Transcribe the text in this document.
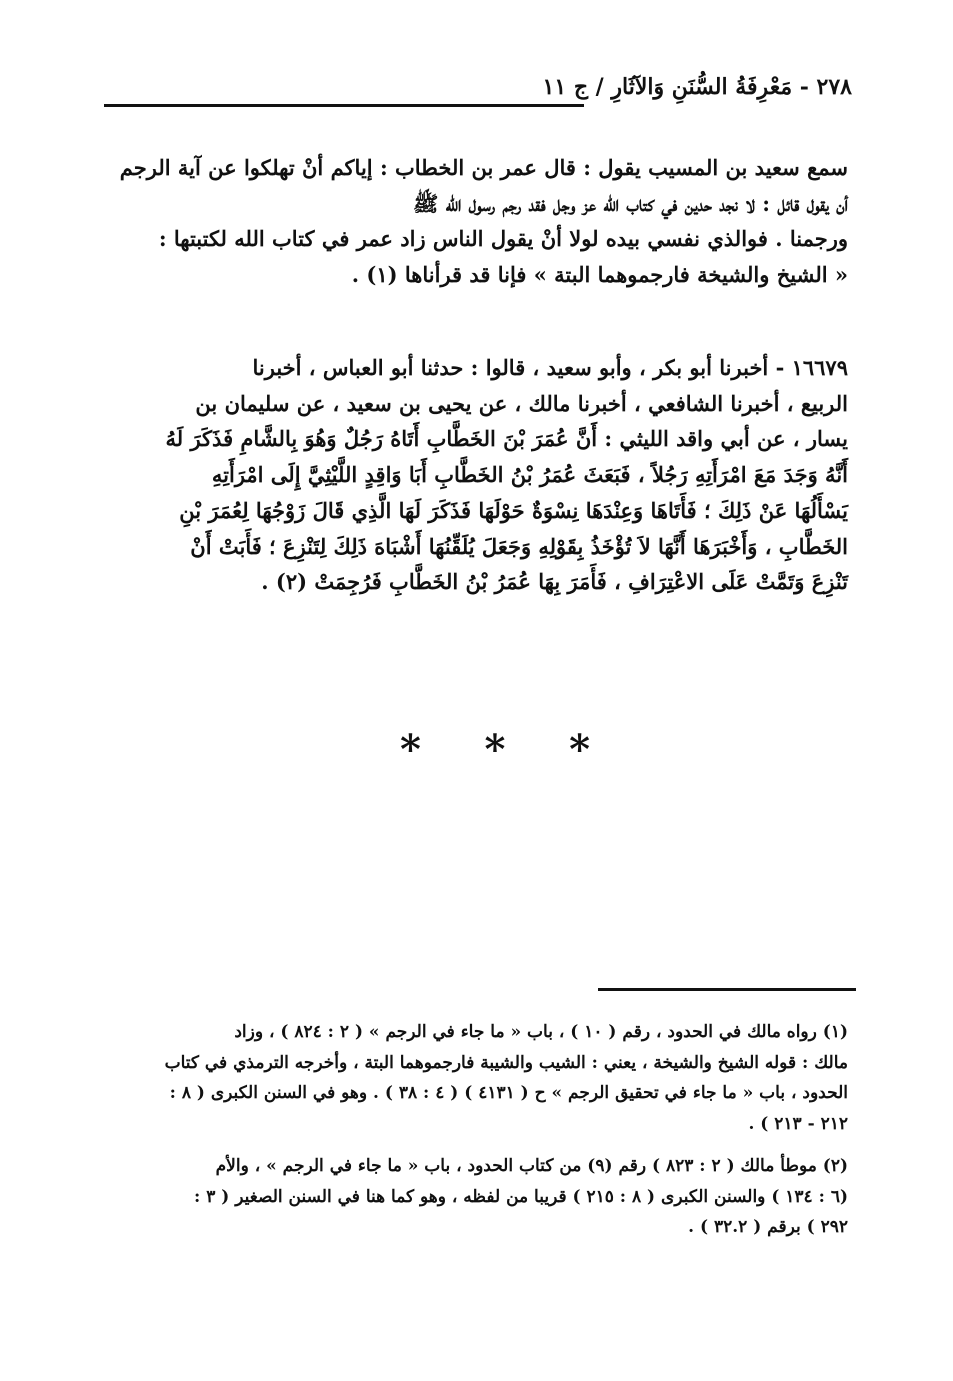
٢٧٨ - مَعْرِفَةُ السُّنَنِ وَالآثَارِ / ج ١١

سمع سعيد بن المسيب يقول : قال عمر بن الخطاب : إياكم أنْ تهلكوا عن آية الرجم

أن يقول قائل : لا نجد حدين في كتاب الله عز وجل فقد رجم رسول الله ﷺ

ورجمنا . فوالذي نفسي بيده لولا أنْ يقول الناس زاد عمر في كتاب الله لكتبتها :

« الشيخ والشيخة فارجموهما البتة » فإنا قد قرأناها (١) .

١٦٦٧٩ - أخبرنا أبو بكر ، وأبو سعيد ، قالوا : حدثنا أبو العباس ، أخبرنا

الربيع ، أخبرنا الشافعي ، أخبرنا مالك ، عن يحيى بن سعيد ، عن سليمان بن

يسار ، عن أبي واقد الليثي : أَنَّ عُمَرَ بْنَ الخَطَّابِ أَتَاهُ رَجُلٌ وَهُوَ بِالشَّامِ فَذَكَرَ لَهُ

أَنَّهُ وَجَدَ مَعَ امْرَأَتِهِ رَجُلاً ، فَبَعَثَ عُمَرُ بْنُ الخَطَّابِ أَبَا وَاقِدٍ اللَّيْثِيَّ إِلَى امْرَأَتِهِ

يَسْأَلُهَا عَنْ ذَلِكَ ؛ فَأَتَاهَا وَعِنْدَهَا نِسْوَةٌ حَوْلَهَا فَذَكَرَ لَهَا الَّذِي قَالَ زَوْجُهَا لِعُمَرَ بْنِ

الخَطَّابِ ، وَأَخْبَرَهَا أَنَّهَا لاَ تُؤْخَذُ بِقَوْلِهِ وَجَعَلَ يُلَقِّنُهَا أَشْبَاهَ ذَلِكَ لِتَنْزِعَ ؛ فَأَبَتْ أَنْ

تَنْزِعَ وَتَمَّتْ عَلَى الاعْتِرَافِ ، فَأَمَرَ بِهَا عُمَرُ بْنُ الخَطَّابِ فَرُجِمَتْ (٢) .

* * *

(١) رواه مالك في الحدود ، رقم ( ١٠ ) ، باب « ما جاء في الرجم » ( ٢ : ٨٢٤ ) ، وزاد

مالك : قوله الشيخ والشيخة ، يعني : الشيب والشيبة فارجموهما البتة ، وأخرجه الترمذي في كتاب

الحدود ، باب « ما جاء في تحقيق الرجم » ح ( ٤١٣١ ) ( ٤ : ٣٨ ) . وهو في السنن الكبرى ( ٨ :

٢١٢ - ٢١٣ ) .

(٢) موطأ مالك ( ٢ : ٨٢٣ ) رقم (٩) من كتاب الحدود ، باب « ما جاء في الرجم » ، والأم

(٦ : ١٣٤ ) والسنن الكبرى ( ٨ : ٢١٥ ) قريبا من لفظه ، وهو كما هنا في السنن الصغير ( ٣ :

٢٩٢ ) برقم ( ٣٢.٢ ) .
